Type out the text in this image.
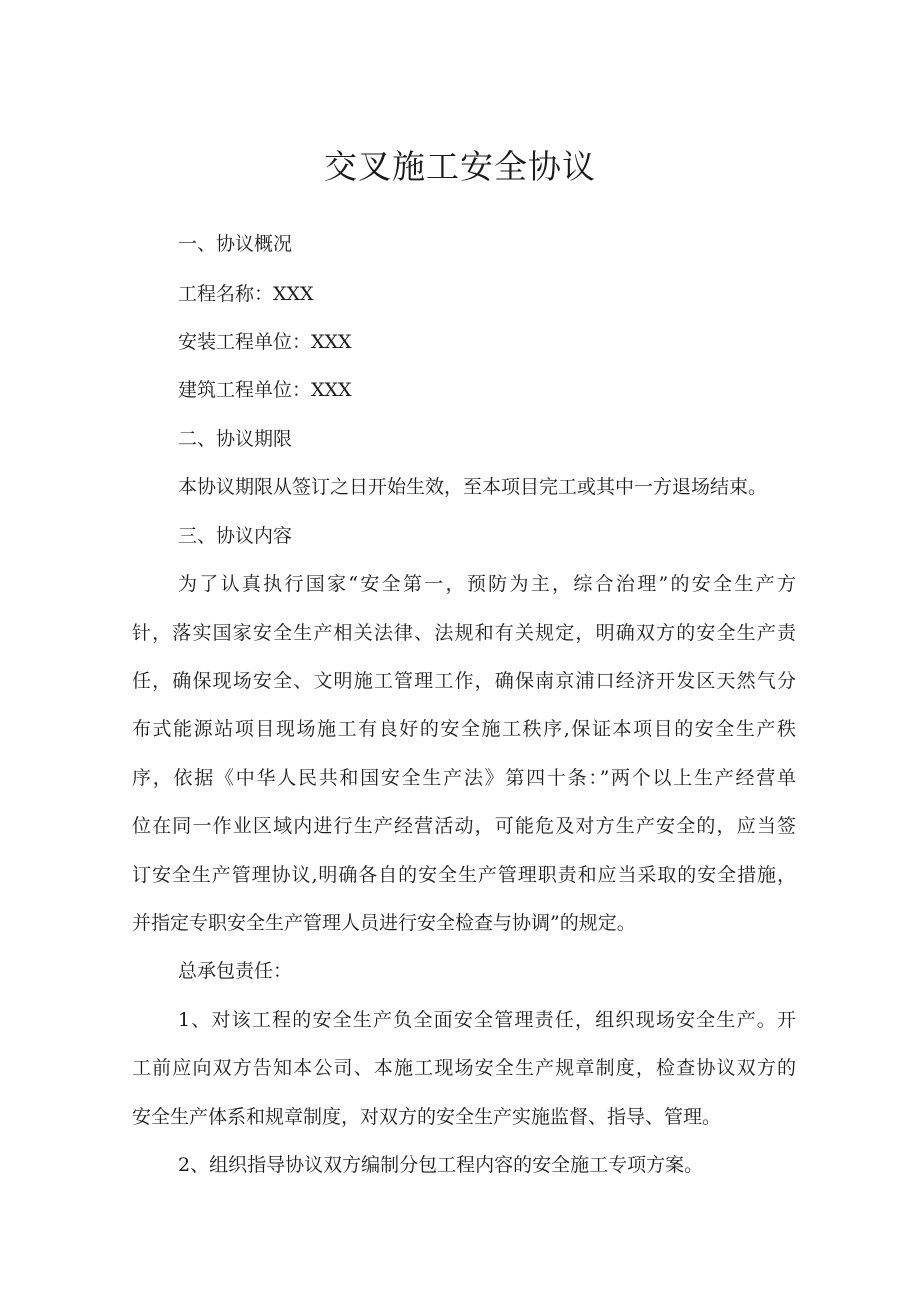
交叉施工安全协议
一、协议概况
工程名称：XXX
安装工程单位：XXX
建筑工程单位：XXX
二、协议期限
本协议期限从签订之日开始生效，至本项目完工或其中一方退场结束。
三、协议内容
为了认真执行国家“安全第一，预防为主，综合治理”的安全生产方
针，落实国家安全生产相关法律、法规和有关规定，明确双方的安全生产责
任，确保现场安全、文明施工管理工作，确保南京浦口经济开发区天然气分
布式能源站项目现场施工有良好的安全施工秩序,保证本项目的安全生产秩
序，依据《中华人民共和国安全生产法》第四十条：”两个以上生产经营单
位在同一作业区域内进行生产经营活动，可能危及对方生产安全的，应当签
订安全生产管理协议,明确各自的安全生产管理职责和应当采取的安全措施，
并指定专职安全生产管理人员进行安全检查与协调”的规定。
总承包责任：
1、对该工程的安全生产负全面安全管理责任，组织现场安全生产。开
工前应向双方告知本公司、本施工现场安全生产规章制度，检查协议双方的
安全生产体系和规章制度，对双方的安全生产实施监督、指导、管理。
2、组织指导协议双方编制分包工程内容的安全施工专项方案。
